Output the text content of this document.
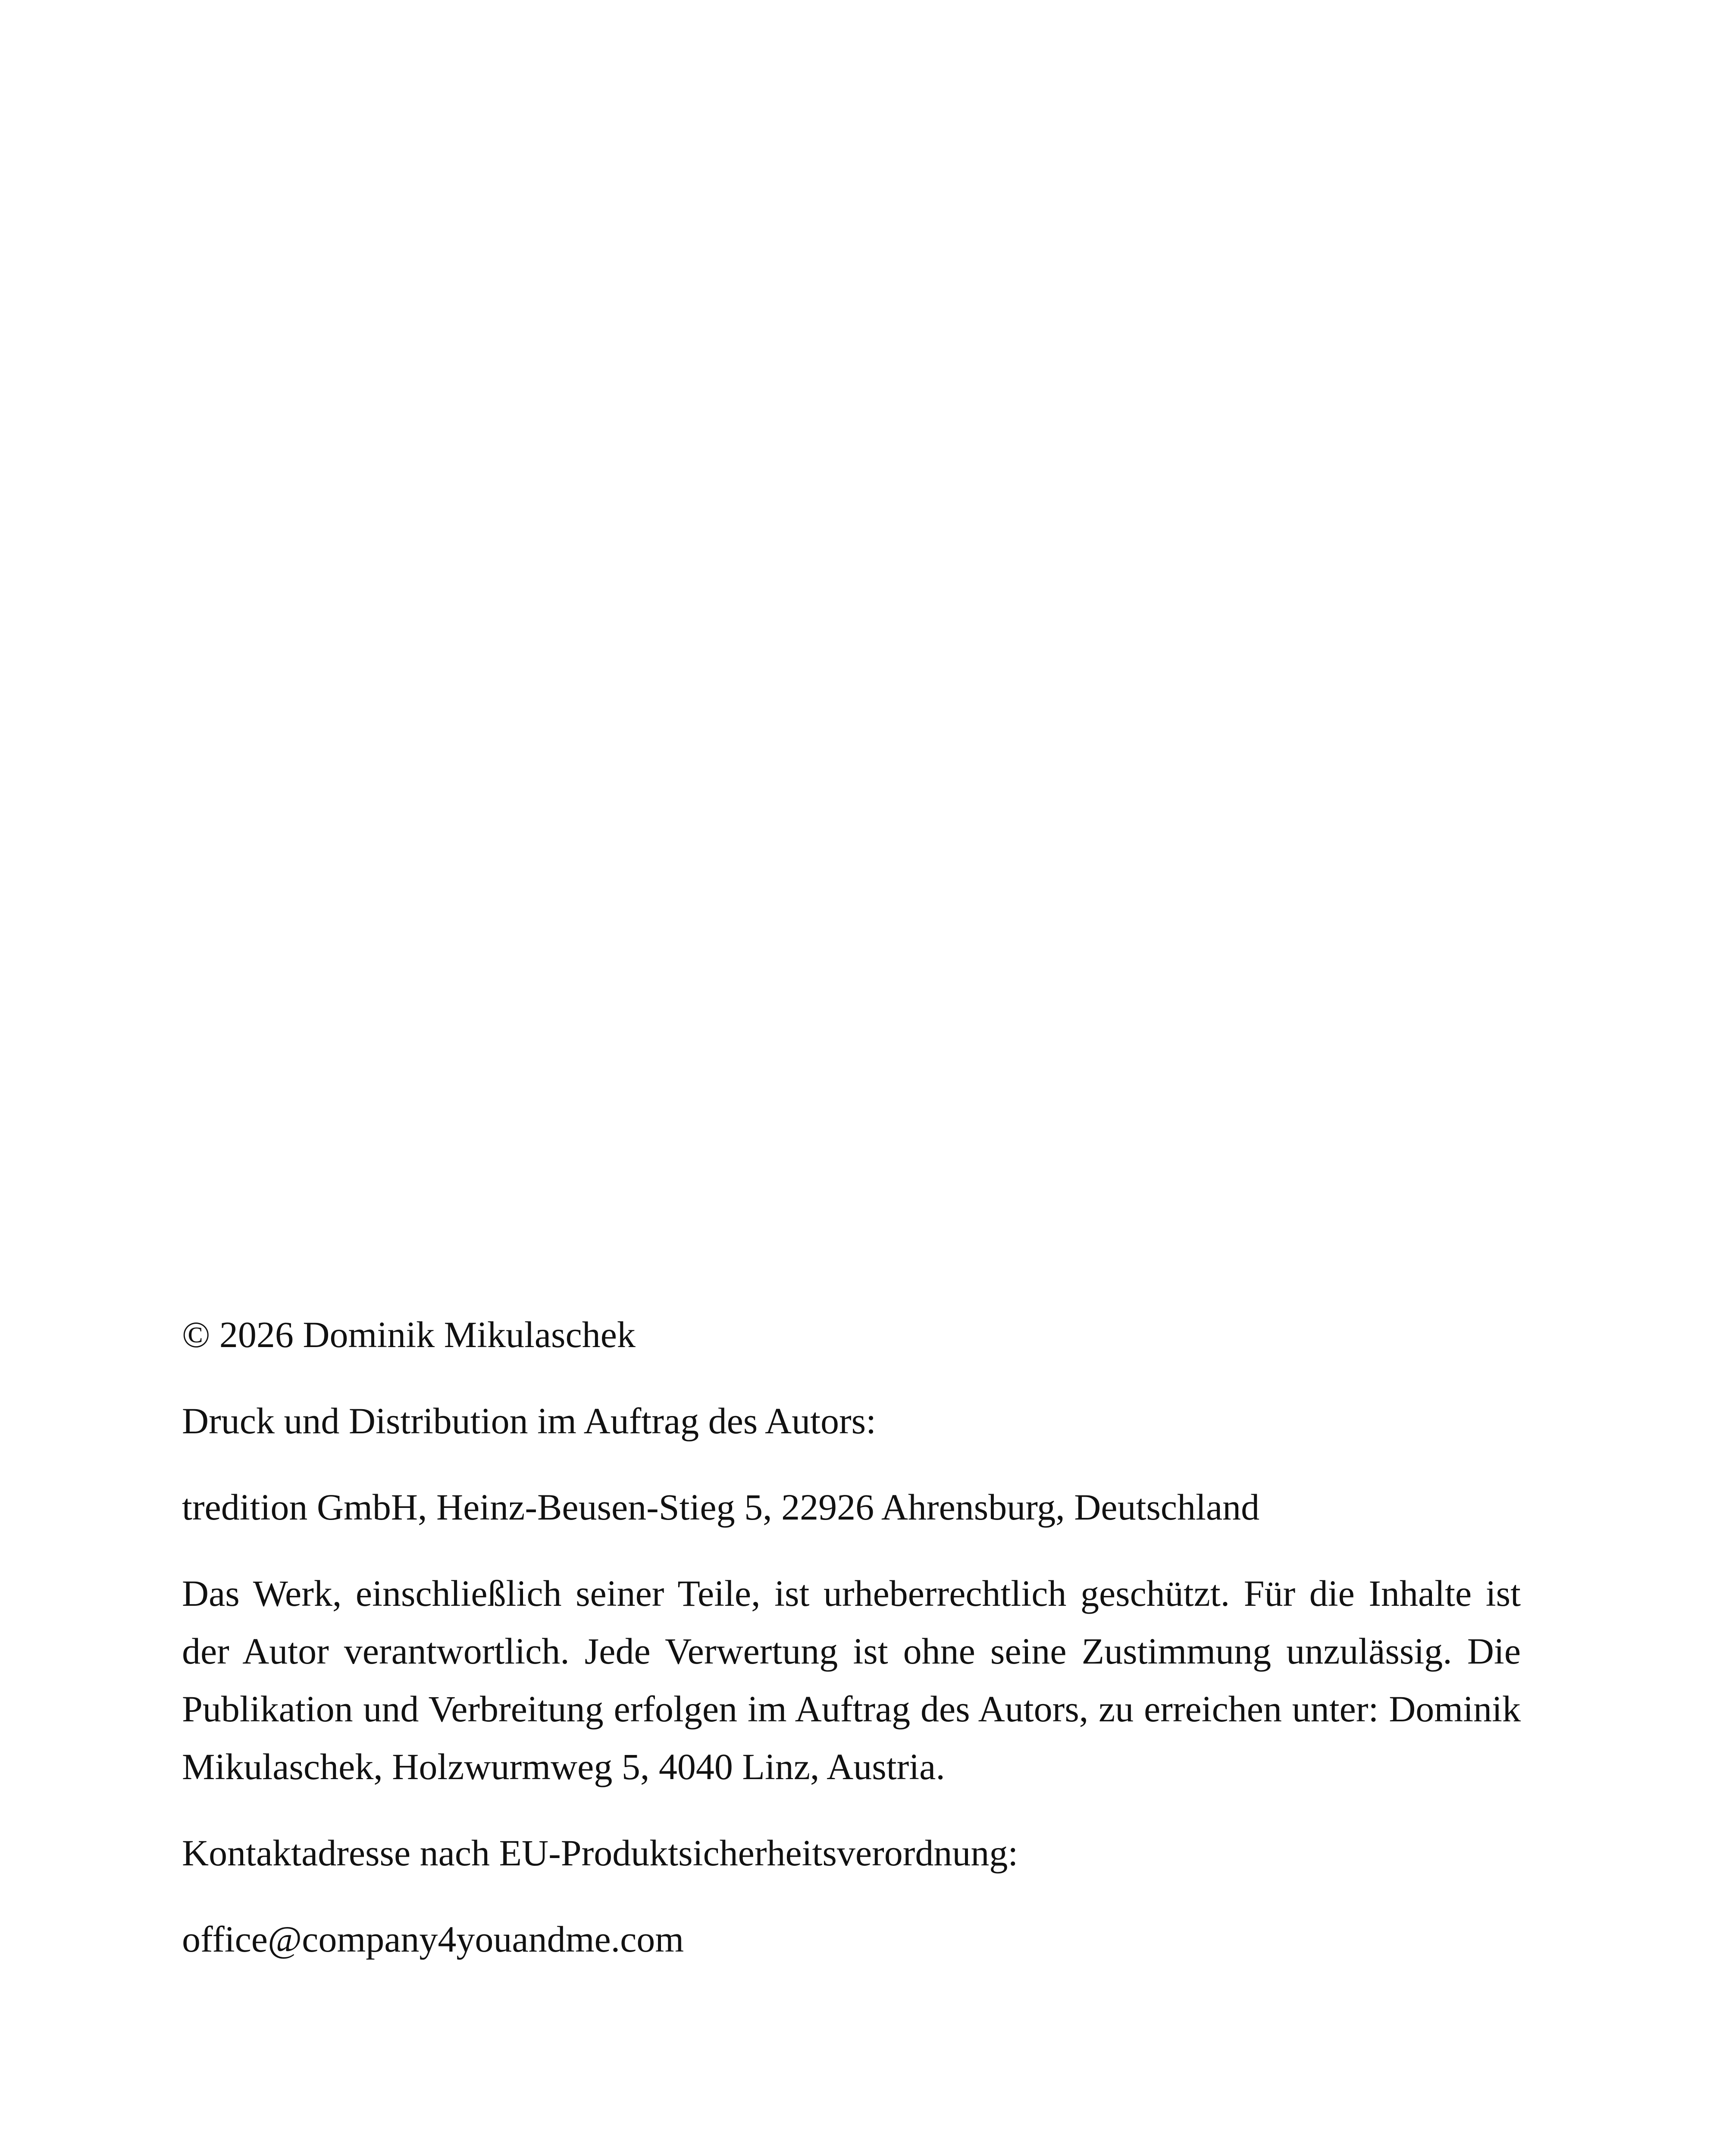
© 2026 Dominik Mikulaschek

Druck und Distribution im Auftrag des Autors:

tredition GmbH, Heinz-Beusen-Stieg 5, 22926 Ahrensburg, Deutschland

Das Werk, einschließlich seiner Teile, ist urheberrechtlich geschützt. Für die Inhalte ist der Autor verantwortlich. Jede Verwertung ist ohne seine Zustimmung unzulässig. Die Publikation und Verbreitung erfolgen im Auftrag des Autors, zu erreichen unter: Dominik Mikulaschek, Holzwurmweg 5, 4040 Linz, Austria.

Kontaktadresse nach EU-Produktsicherheitsverordnung:

office@company4youandme.com
